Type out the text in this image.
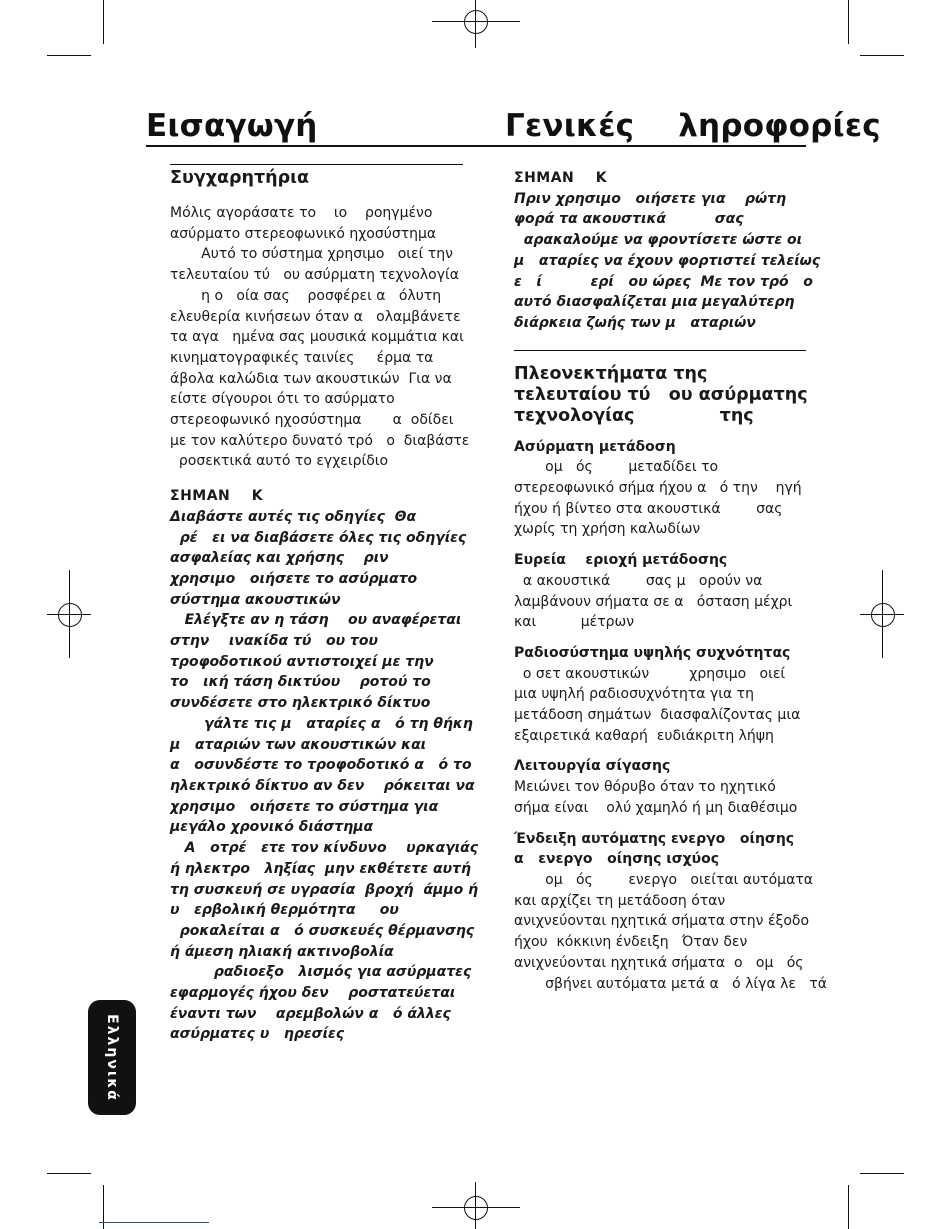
Εισαγωγή	Γενικές    ληροφορίες
Συγχαρητήρια
Μόλις αγοράσατε το    ιο    ροηγμένο
ασύρματο στερεοφωνικό ηχοσύστημα
Αυτό το σύστημα χρησιμο   οιεί την
τελευταίου τύ   ου ασύρματη τεχνολογία
η ο   οία σας    ροσφέρει α   όλυτη
ελευθερία κινήσεων όταν α   ολαμβάνετε
τα αγα   ημένα σας μουσικά κομμάτια και
κινηματογραφικές ταινίες     έρμα τα
άβολα καλώδια των ακουστικών  Για να
είστε σίγουροι ότι το ασύρματο
στερεοφωνικό ηχοσύστημα       α  οδίδει
με τον καλύτερο δυνατό τρό   ο  διαβάστε
ροσεκτικά αυτό το εγχειρίδιο
ΣΗΜΑΝ    Κ
Διαβάστε αυτές τις οδηγίες  Θα
ρέ   ει να διαβάσετε όλες τις οδηγίες
ασφαλείας και χρήσης    ριν
χρησιμο   οιήσετε το ασύρματο
σύστημα ακουστικών
Ελέγξτε αν η τάση    ου αναφέρεται
στην    ινακίδα τύ   ου του
τροφοδοτικού αντιστοιχεί με την
το   ική τάση δικτύου    ροτού το
συνδέσετε στο ηλεκτρικό δίκτυο
γάλτε τις μ   αταρίες α   ό τη θήκη
μ   αταριών των ακουστικών και
α   οσυνδέστε το τροφοδοτικό α   ό το
ηλεκτρικό δίκτυο αν δεν    ρόκειται να
χρησιμο   οιήσετε το σύστημα για
μεγάλο χρονικό διάστημα
Α   οτρέ   ετε τον κίνδυνο    υρκαγιάς
ή ηλεκτρο   ληξίας  μην εκθέτετε αυτή
τη συσκευή σε υγρασία  βροχή  άμμο ή
υ   ερβολική θερμότητα     ου
ροκαλείται α   ό συσκευές θέρμανσης
ή άμεση ηλιακή ακτινοβολία
ραδιοεξο   λισμός για ασύρματες
εφαρμογές ήχου δεν    ροστατεύεται
έναντι των    αρεμβολών α   ό άλλες
ασύρματες υ   ηρεσίες
ΣΗΜΑΝ    Κ
Πριν χρησιμο   οιήσετε για    ρώτη
φορά τα ακουστικά          σας
αρακαλούμε να φροντίσετε ώστε οι
μ   αταρίες να έχουν φορτιστεί τελείως
ε   ί          ερί   ου ώρες  Με τον τρό   ο
αυτό διασφαλίζεται μια μεγαλύτερη
διάρκεια ζωής των μ   αταριών
Πλεονεκτήματα της
τελευταίου τύ   ου ασύρματης
τεχνολογίας              της
Ασύρματη μετάδοση
ομ   ός        μεταδίδει το
στερεοφωνικό σήμα ήχου α   ό την    ηγή
ήχου ή βίντεο στα ακουστικά        σας
χωρίς τη χρήση καλωδίων
Ευρεία    εριοχή μετάδοσης
α ακουστικά        σας μ   ορούν να
λαμβάνουν σήματα σε α   όσταση μέχρι
και          μέτρων
Ραδιοσύστημα υψηλής συχνότητας
ο σετ ακουστικών         χρησιμο   οιεί
μια υψηλή ραδιοσυχνότητα για τη
μετάδοση σημάτων  διασφαλίζοντας μια
εξαιρετικά καθαρή  ευδιάκριτη λήψη
Λειτουργία σίγασης
Μειώνει τον θόρυβο όταν το ηχητικό
σήμα είναι    ολύ χαμηλό ή μη διαθέσιμο
Ένδειξη αυτόματης ενεργο   οίησης
α   ενεργο   οίησης ισχύος
ομ   ός        ενεργο   οιείται αυτόματα
και αρχίζει τη μετάδοση όταν
ανιχνεύονται ηχητικά σήματα στην έξοδο
ήχου  κόκκινη ένδειξη   Όταν δεν
ανιχνεύονται ηχητικά σήματα  ο   ομ   ός
σβήνει αυτόματα μετά α   ό λίγα λε   τά
Ελληνικά
